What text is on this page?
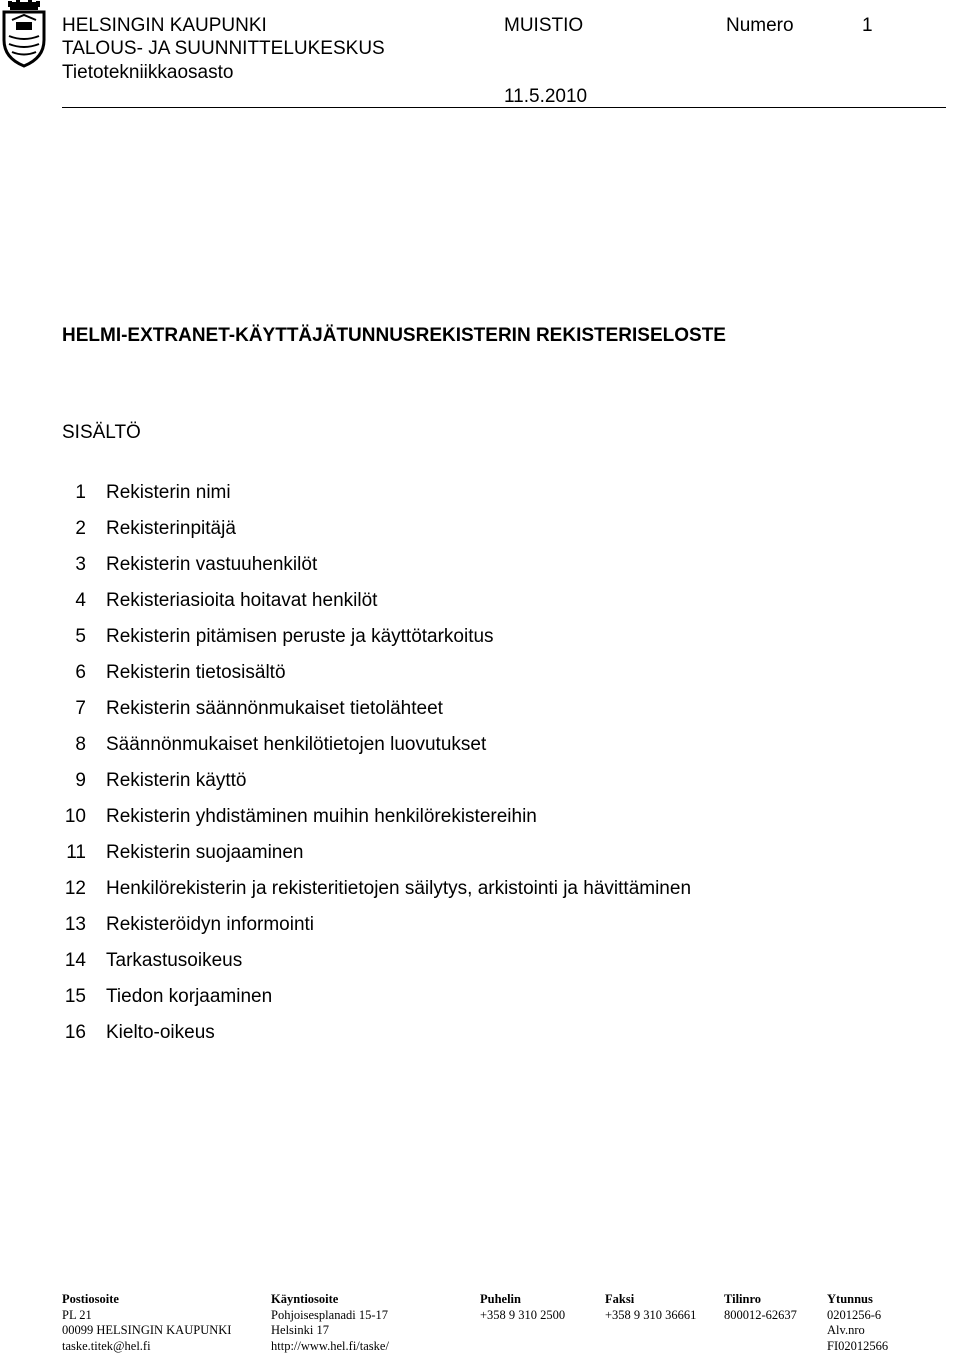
HELSINGIN KAUPUNKI
TALOUS- JA SUUNNITTELUKESKUS
Tietotekniikkaosasto
MUISTIO	Numero	1
11.5.2010
HELMI-EXTRANET-KÄYTTÄJÄTUNNUSREKISTERIN REKISTERISELOSTE
SISÄLTÖ
1 Rekisterin nimi
2 Rekisterinpitäjä
3 Rekisterin vastuuhenkilöt
4 Rekisteriasioita hoitavat henkilöt
5 Rekisterin pitämisen peruste ja käyttötarkoitus
6 Rekisterin tietosisältö
7 Rekisterin säännönmukaiset tietolähteet
8 Säännönmukaiset henkilötietojen luovutukset
9 Rekisterin käyttö
10 Rekisterin yhdistäminen muihin henkilörekistereihin
11 Rekisterin suojaaminen
12 Henkilörekisterin ja rekisteritietojen säilytys, arkistointi ja hävittäminen
13 Rekisteröidyn informointi
14 Tarkastusoikeus
15 Tiedon korjaaminen
16 Kielto-oikeus
Postiosoite
PL 21
00099 HELSINGIN KAUPUNKI
taske.titek@hel.fi
Käyntiosoite
Pohjoisesplanadi 15-17
Helsinki 17
http://www.hel.fi/taske/
Puhelin
+358 9 310 2500
Faksi
+358 9 310 36661
Tilinro
800012-62637
Ytunnus
0201256-6
Alv.nro
FI02012566
